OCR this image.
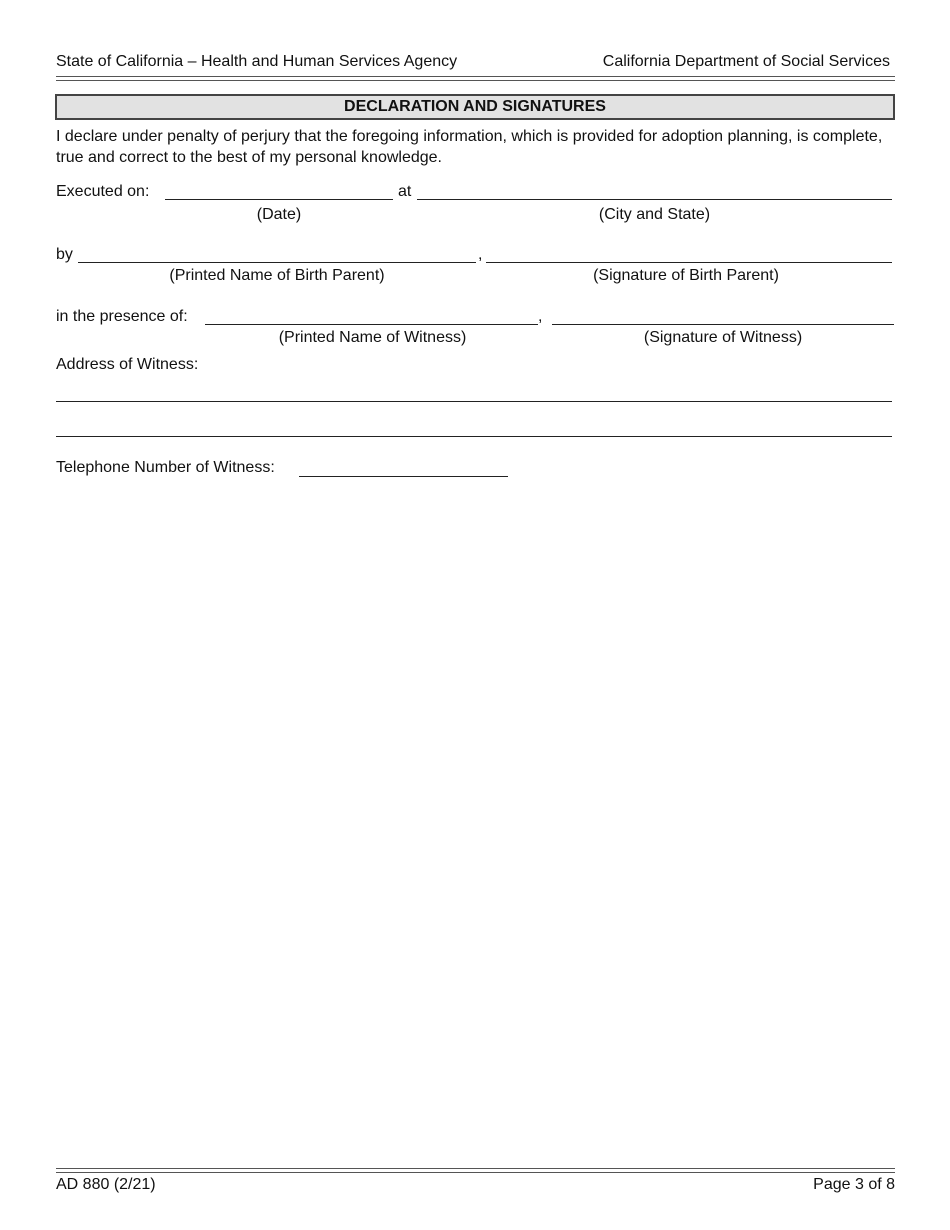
State of California – Health and Human Services Agency	California Department of Social Services
DECLARATION AND SIGNATURES
I declare under penalty of perjury that the foregoing information, which is provided for adoption planning, is complete, true and correct to the best of my personal knowledge.
Executed on:	at
(Date)	(City and State)
by	,
(Printed Name of Birth Parent)	(Signature of Birth Parent)
in the presence of:	,
(Printed Name of Witness)	(Signature of Witness)
Address of Witness:
Telephone Number of Witness:
AD 880 (2/21)	Page 3 of 8
